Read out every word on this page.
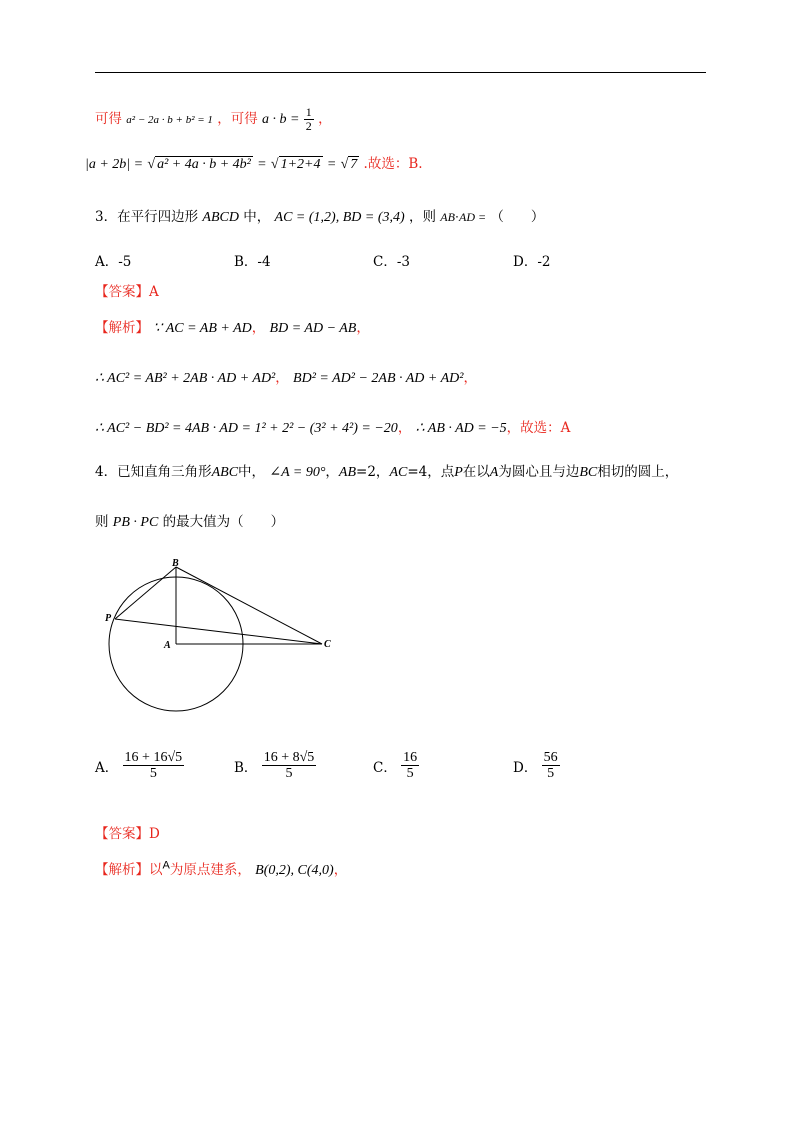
可得 a² − 2a · b + b² = 1 ，可得 $a \cdot b = \frac{1}{2}$ ，
|a + 2b| = √ a² + 4a · b + 4b² = √ 1+2+4 = √ 7 .故选：B.
3．在平行四边形 ABCD 中， AC = (1,2), BD = (3,4) ，则 AB⋅AD = （　　）
A．-5	B．-4	C．-3	D．-2
【答案】A
【解析】 ∵ AC = AB + AD， BD = AD − AB，
∴ AC² = AB² + 2AB · AD + AD²， BD² = AD² − 2AB · AD + AD²，
∴ AC² − BD² = 4AB · AD = 1² + 2² − (3² + 4²) = −20， ∴ AB · AD = −5，故选：A
4．已知直角三角形ABC中， ∠A = 90°，AB=2，AC=4，点P在以A为圆心且与边BC相切的圆上，
则 PB · PC 的最大值为（　　）
B
P
A	C
A． $\frac{16 + 16√5}{5}$	B． $\frac{16 + 8√5}{5}$	C． $\frac{16}{5}$	D． $\frac{56}{5}$
【答案】D
【解析】以$^A$为原点建系， B(0,2), C(4,0)，
